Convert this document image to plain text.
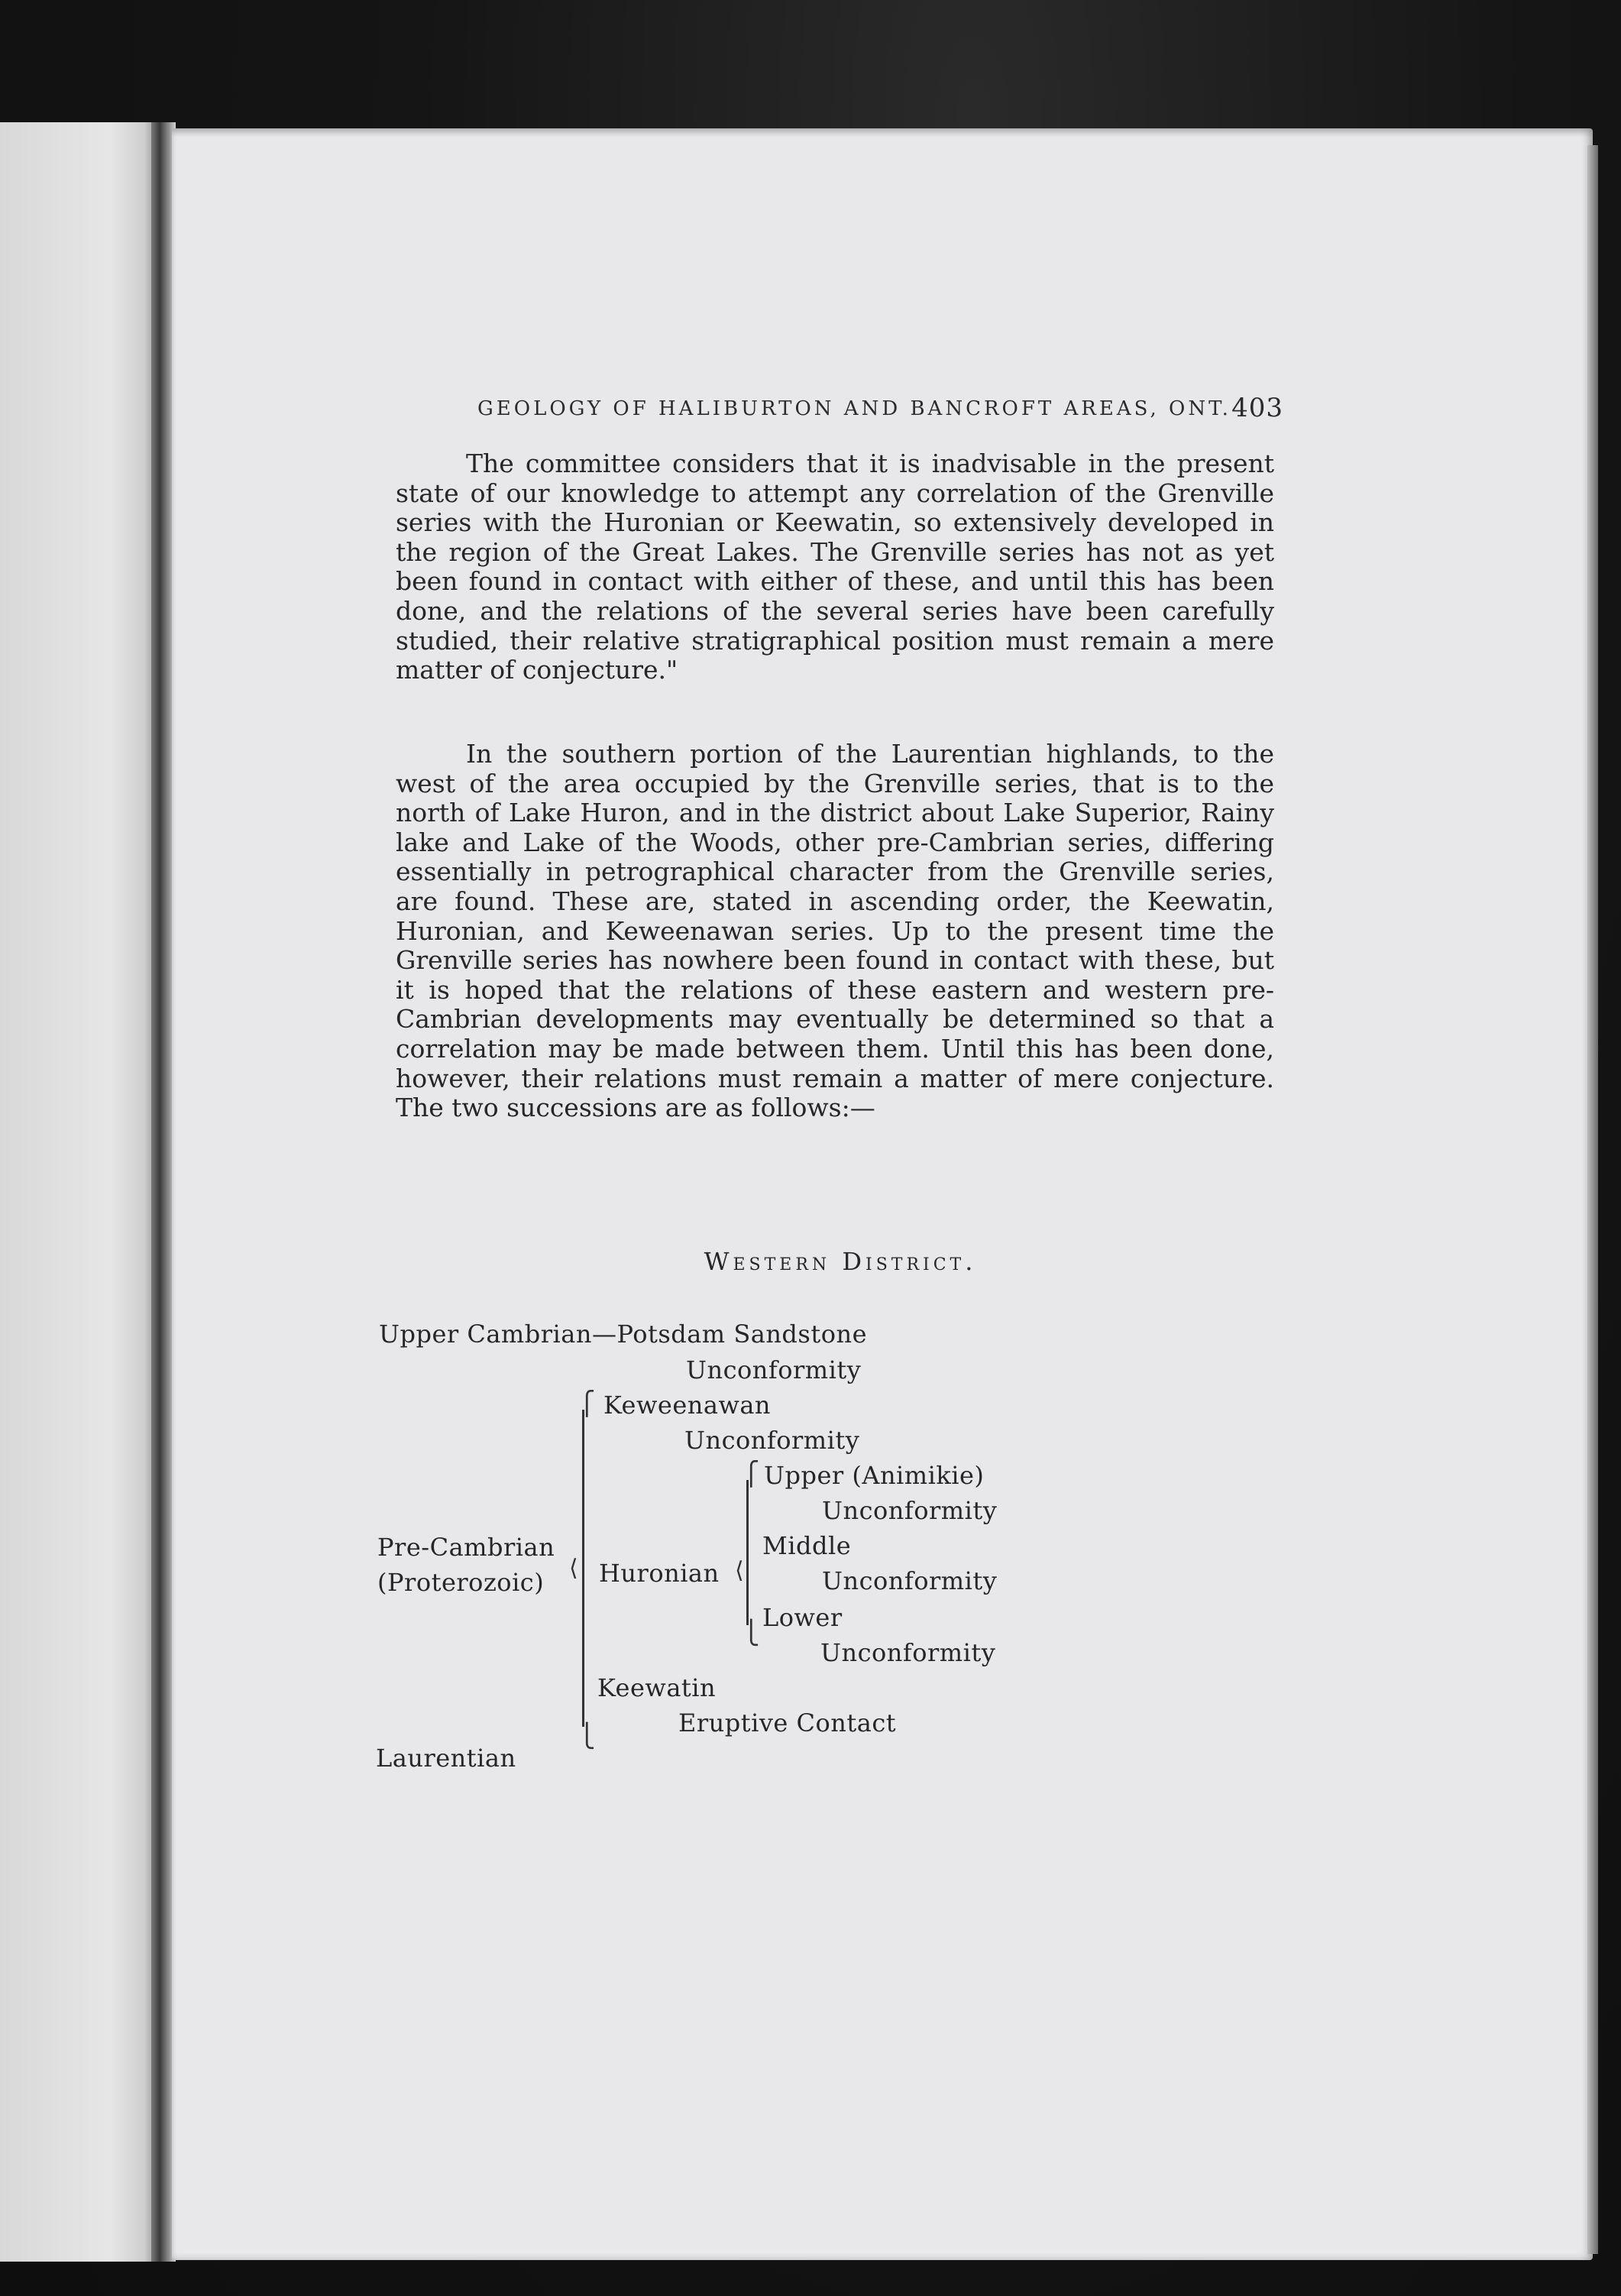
GEOLOGY OF HALIBURTON AND BANCROFT AREAS, ONT. 403

The committee considers that it is inadvisable in the present state of our knowledge to attempt any correlation of the Grenville series with the Huronian or Keewatin, so extensively developed in the region of the Great Lakes. The Grenville series has not as yet been found in contact with either of these, and until this has been done, and the relations of the several series have been carefully studied, their relative stratigraphical position must remain a mere matter of conjecture."

In the southern portion of the Laurentian highlands, to the west of the area occupied by the Grenville series, that is to the north of Lake Huron, and in the district about Lake Superior, Rainy lake and Lake of the Woods, other pre-Cambrian series, differing essentially in petrographical character from the Grenville series, are found. These are, stated in ascending order, the Keewatin, Huronian, and Keweenawan series. Up to the present time the Grenville series has nowhere been found in contact with these, but it is hoped that the relations of these eastern and western pre-Cambrian developments may eventually be determined so that a correlation may be made between them. Until this has been done, however, their relations must remain a matter of mere conjecture. The two successions are as follows:—

Western District.
Upper Cambrian—Potsdam Sandstone
Unconformity
⎧
⟨
⎩
Keweenawan
Unconformity
Pre-Cambrian
(Proterozoic) Huronian
⎧
⟨
⎩
Upper (Animikie)
Unconformity
Middle
Unconformity
Lower
Unconformity
Keewatin
Eruptive Contact
Laurentian
